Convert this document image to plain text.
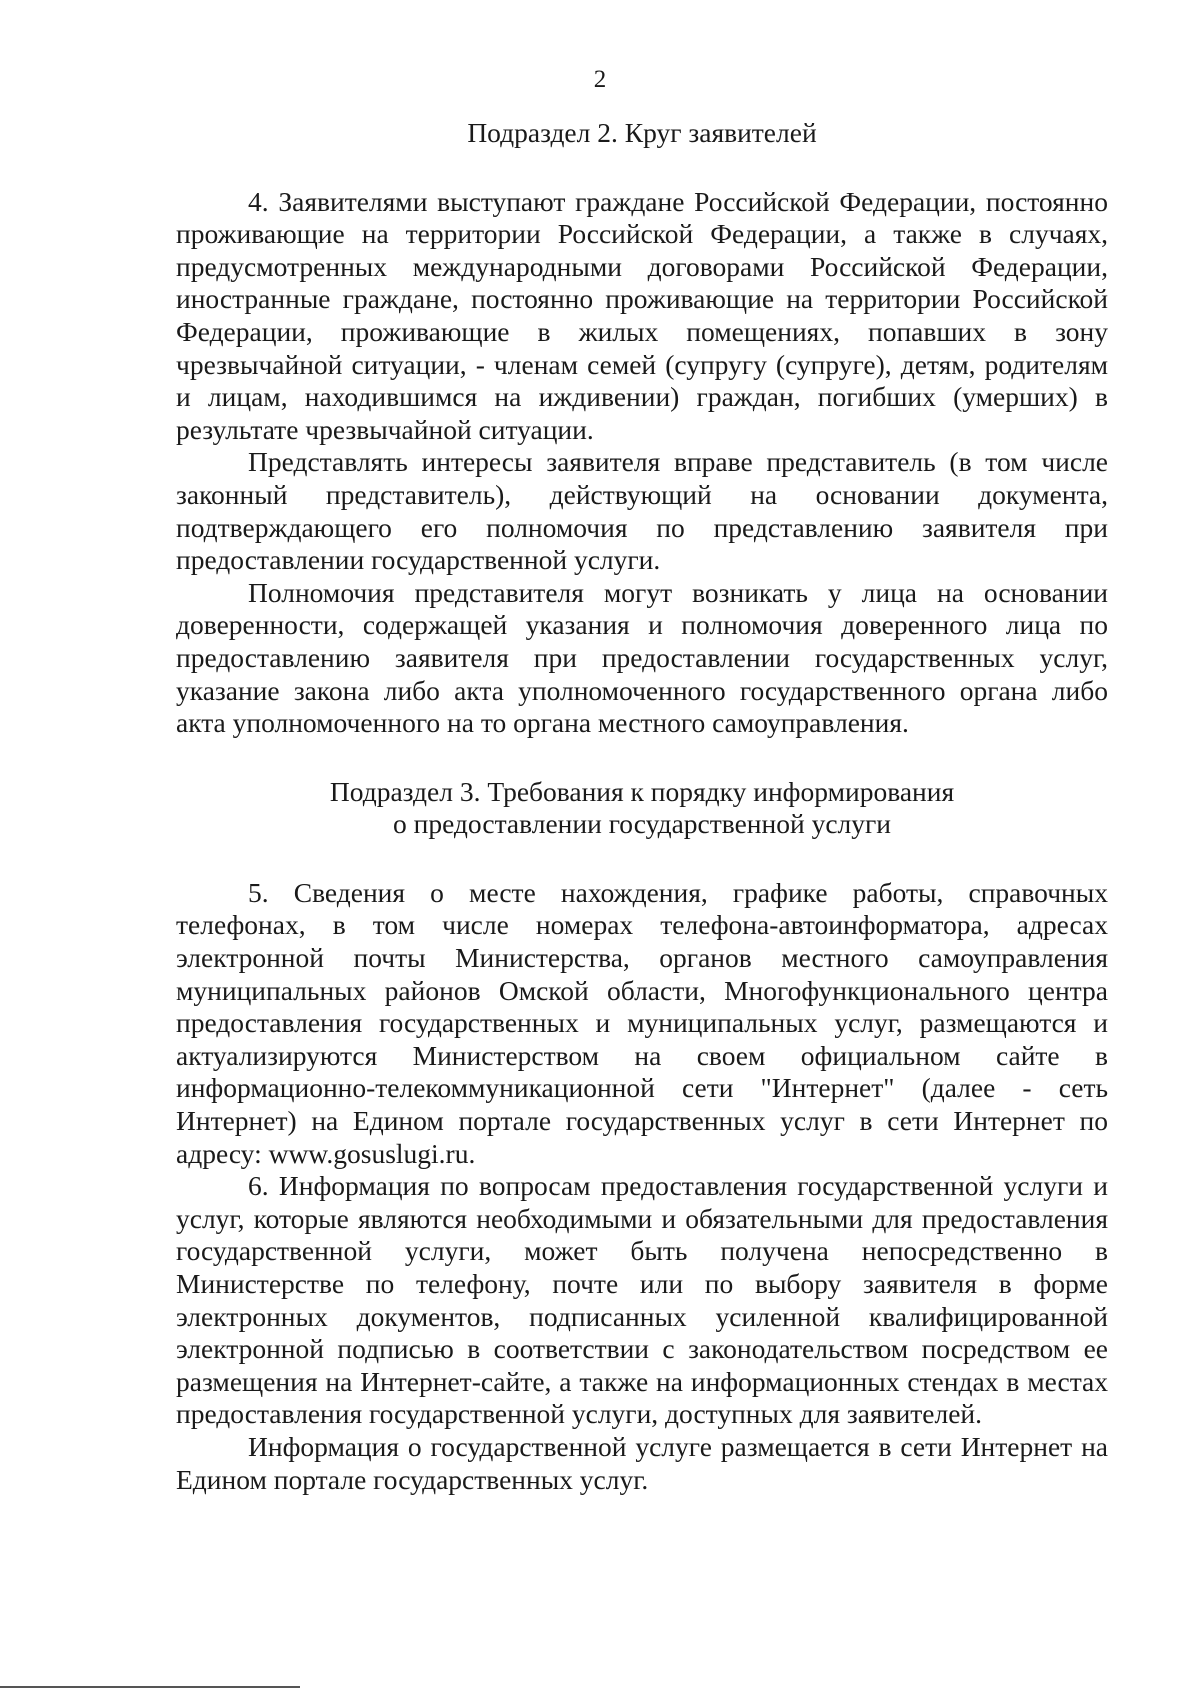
2

Подраздел 2. Круг заявителей

4. Заявителями выступают граждане Российской Федерации, постоянно проживающие на территории Российской Федерации, а также в случаях, предусмотренных международными договорами Российской Федерации, иностранные граждане, постоянно проживающие на территории Российской Федерации, проживающие в жилых помещениях, попавших в зону чрезвычайной ситуации, - членам семей (супругу (супруге), детям, родителям и лицам, находившимся на иждивении) граждан, погибших (умерших) в результате чрезвычайной ситуации.

Представлять интересы заявителя вправе представитель (в том числе законный представитель), действующий на основании документа, подтверждающего его полномочия по представлению заявителя при предоставлении государственной услуги.

Полномочия представителя могут возникать у лица на основании доверенности, содержащей указания и полномочия доверенного лица по предоставлению заявителя при предоставлении государственных услуг, указание закона либо акта уполномоченного государственного органа либо акта уполномоченного на то органа местного самоуправления.

Подраздел 3. Требования к порядку информирования
о предоставлении государственной услуги

5. Сведения о месте нахождения, графике работы, справочных телефонах, в том числе номерах телефона-автоинформатора, адресах электронной почты Министерства, органов местного самоуправления муниципальных районов Омской области, Многофункционального центра предоставления государственных и муниципальных услуг, размещаются и актуализируются Министерством на своем официальном сайте в информационно-телекоммуникационной сети "Интернет" (далее - сеть Интернет) на Едином портале государственных услуг в сети Интернет по адресу: www.gosuslugi.ru.

6. Информация по вопросам предоставления государственной услуги и услуг, которые являются необходимыми и обязательными для предоставления государственной услуги, может быть получена непосредственно в Министерстве по телефону, почте или по выбору заявителя в форме электронных документов, подписанных усиленной квалифицированной электронной подписью в соответствии с законодательством посредством ее размещения на Интернет-сайте, а также на информационных стендах в местах предоставления государственной услуги, доступных для заявителей.

Информация о государственной услуге размещается в сети Интернет на Едином портале государственных услуг.
